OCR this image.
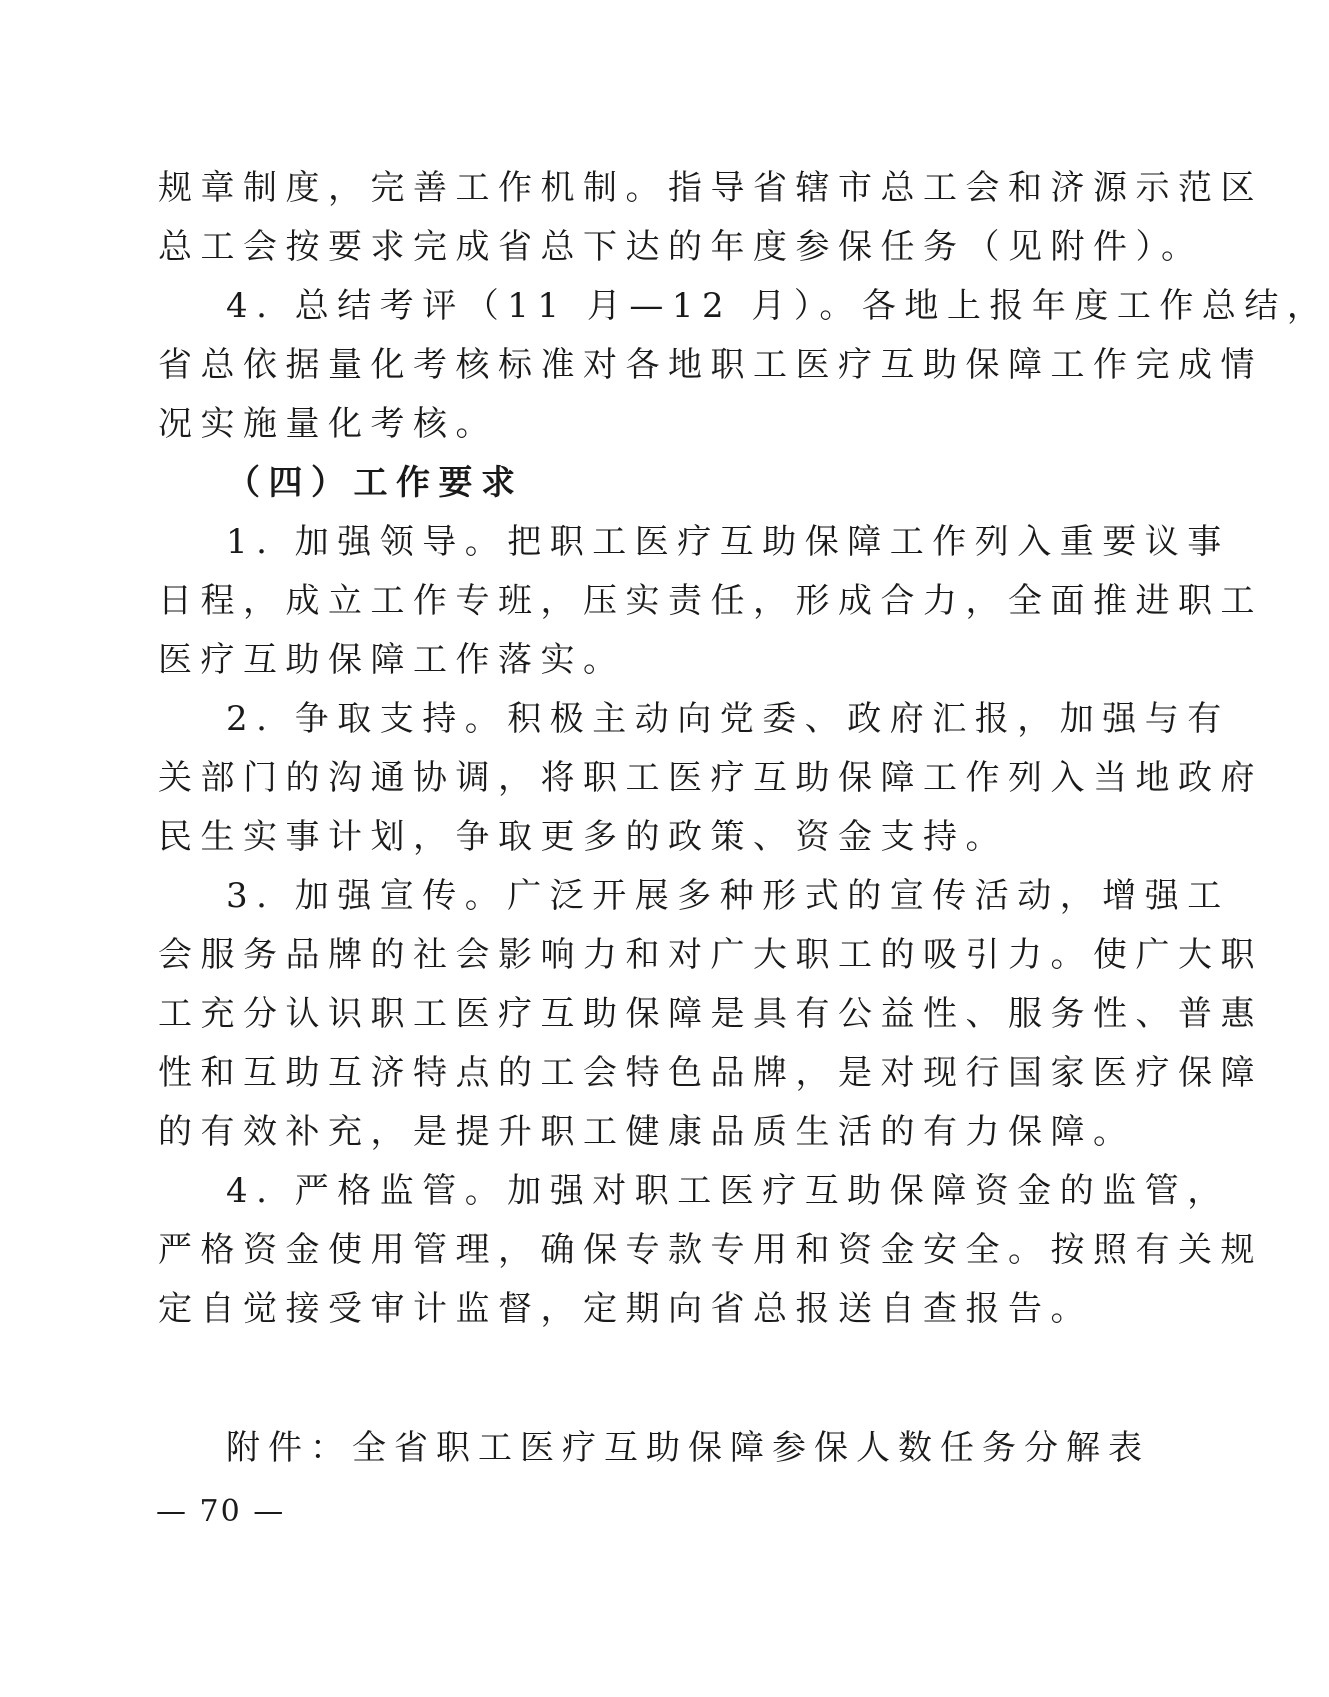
规章制度，完善工作机制。指导省辖市总工会和济源示范区
总工会按要求完成省总下达的年度参保任务（见附件）。
4. 总结考评（11 月—12 月）。各地上报年度工作总结，
省总依据量化考核标准对各地职工医疗互助保障工作完成情
况实施量化考核。
（四）工作要求
1. 加强领导。把职工医疗互助保障工作列入重要议事
日程，成立工作专班，压实责任，形成合力，全面推进职工
医疗互助保障工作落实。
2. 争取支持。积极主动向党委、政府汇报，加强与有
关部门的沟通协调，将职工医疗互助保障工作列入当地政府
民生实事计划，争取更多的政策、资金支持。
3. 加强宣传。广泛开展多种形式的宣传活动，增强工
会服务品牌的社会影响力和对广大职工的吸引力。使广大职
工充分认识职工医疗互助保障是具有公益性、服务性、普惠
性和互助互济特点的工会特色品牌，是对现行国家医疗保障
的有效补充，是提升职工健康品质生活的有力保障。
4. 严格监管。加强对职工医疗互助保障资金的监管，
严格资金使用管理，确保专款专用和资金安全。按照有关规
定自觉接受审计监督，定期向省总报送自查报告。
附件：全省职工医疗互助保障参保人数任务分解表
— 70 —
